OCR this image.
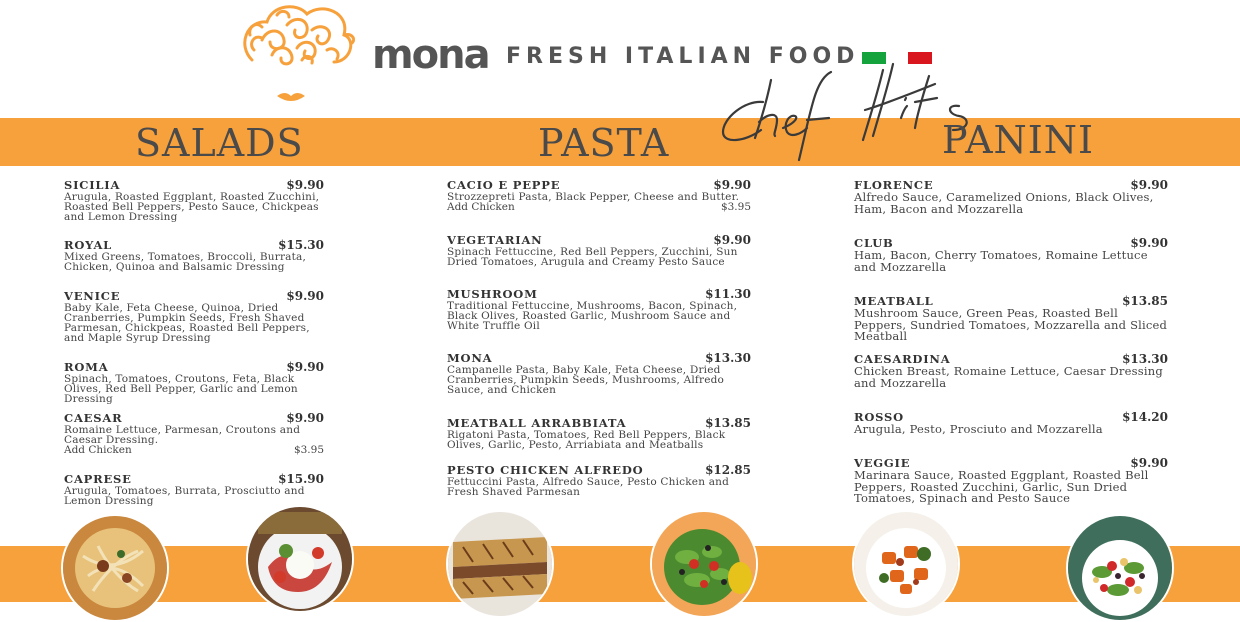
mona FRESH ITALIAN FOOD
SALADS	PASTA	PANINI
SICILIA	$9.90
Arugula, Roasted Eggplant, Roasted Zucchini, Roasted Bell Peppers, Pesto Sauce, Chickpeas and Lemon Dressing
ROYAL	$15.30
Mixed Greens, Tomatoes, Broccoli, Burrata, Chicken, Quinoa and Balsamic Dressing
VENICE	$9.90
Baby Kale, Feta Cheese, Quinoa, Dried Cranberries, Pumpkin Seeds, Fresh Shaved Parmesan, Chickpeas, Roasted Bell Peppers, and Maple Syrup Dressing
ROMA	$9.90
Spinach, Tomatoes, Croutons, Feta, Black Olives, Red Bell Pepper, Garlic and Lemon Dressing
CAESAR	$9.90
Romaine Lettuce, Parmesan, Croutons and Caesar Dressing.
Add Chicken	$3.95
CAPRESE	$15.90
Arugula, Tomatoes, Burrata, Prosciutto and Lemon Dressing
CACIO E PEPPE	$9.90
Strozzepreti Pasta, Black Pepper, Cheese and Butter.
Add Chicken	$3.95
VEGETARIAN	$9.90
Spinach Fettuccine, Red Bell Peppers, Zucchini, Sun Dried Tomatoes, Arugula and Creamy Pesto Sauce
MUSHROOM	$11.30
Traditional Fettuccine, Mushrooms, Bacon, Spinach, Black Olives, Roasted Garlic, Mushroom Sauce and White Truffle Oil
MONA	$13.30
Campanelle Pasta, Baby Kale, Feta Cheese, Dried Cranberries, Pumpkin Seeds, Mushrooms, Alfredo Sauce, and Chicken
MEATBALL ARRABBIATA	$13.85
Rigatoni Pasta, Tomatoes, Red Bell Peppers, Black Olives, Garlic, Pesto, Arriabiata and Meatballs
PESTO CHICKEN ALFREDO	$12.85
Fettuccini Pasta, Alfredo Sauce, Pesto Chicken and Fresh Shaved Parmesan
FLORENCE	$9.90
Alfredo Sauce, Caramelized Onions, Black Olives, Ham, Bacon and Mozzarella
CLUB	$9.90
Ham, Bacon, Cherry Tomatoes, Romaine Lettuce and Mozzarella
MEATBALL	$13.85
Mushroom Sauce, Green Peas, Roasted Bell Peppers, Sundried Tomatoes, Mozzarella and Sliced Meatball
CAESARDINA	$13.30
Chicken Breast, Romaine Lettuce, Caesar Dressing and Mozzarella
ROSSO	$14.20
Arugula, Pesto, Prosciuto and Mozzarella
VEGGIE	$9.90
Marinara Sauce, Roasted Eggplant, Roasted Bell Peppers, Roasted Zucchini, Garlic, Sun Dried Tomatoes, Spinach and Pesto Sauce
